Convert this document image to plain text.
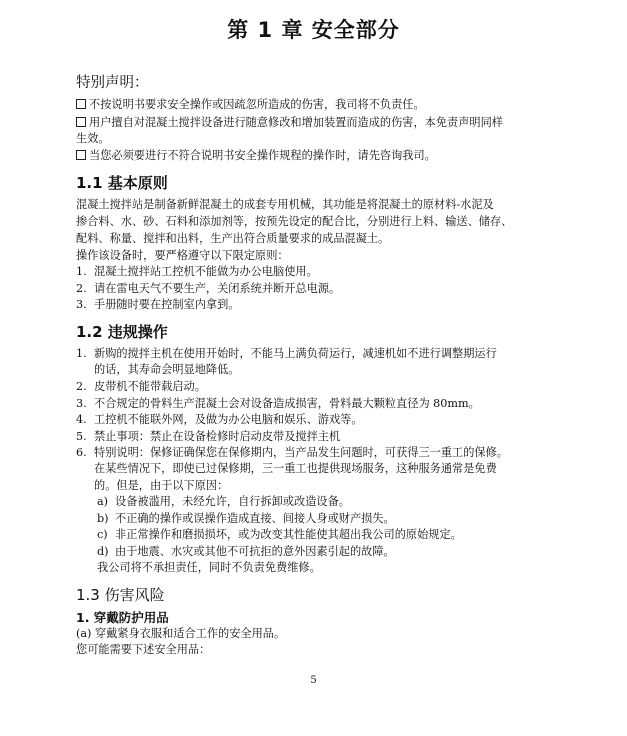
第 1 章 安全部分
特别声明：
不按说明书要求安全操作或因疏忽所造成的伤害，我司将不负责任。
用户擅自对混凝土搅拌设备进行随意修改和增加装置而造成的伤害，本免责声明同样
生效。
当您必须要进行不符合说明书安全操作规程的操作时，请先咨询我司。
1.1 基本原则
混凝土搅拌站是制备新鲜混凝土的成套专用机械，其功能是将混凝土的原材料-水泥及
掺合料、水、砂、石料和添加剂等，按预先设定的配合比，分别进行上料、输送、储存、
配料、称量、搅拌和出料，生产出符合质量要求的成品混凝土。
操作该设备时，要严格遵守以下限定原则：
1. 混凝土搅拌站工控机不能做为办公电脑使用。
2. 请在雷电天气不要生产，关闭系统并断开总电源。
3. 手册随时要在控制室内拿到。
1.2 违规操作
1. 新购的搅拌主机在使用开始时，不能马上满负荷运行，减速机如不进行调整期运行
的话，其寿命会明显地降低。
2. 皮带机不能带载启动。
3. 不合规定的骨料生产混凝土会对设备造成损害，骨料最大颗粒直径为 80mm。
4. 工控机不能联外网，及做为办公电脑和娱乐、游戏等。
5. 禁止事项：禁止在设备检修时启动皮带及搅拌主机
6. 特别说明：保修证确保您在保修期内，当产品发生问题时，可获得三一重工的保修。
在某些情况下，即使已过保修期，三一重工也提供现场服务，这种服务通常是免费
的。但是，由于以下原因：
a) 设备被滥用，未经允许，自行拆卸或改造设备。
b) 不正确的操作或误操作造成直接、间接人身或财产损失。
c) 非正常操作和磨损损坏，或为改变其性能使其超出我公司的原始规定。
d) 由于地震、水灾或其他不可抗拒的意外因素引起的故障。
我公司将不承担责任，同时不负责免费维修。
1.3 伤害风险
1. 穿戴防护用品
(a) 穿戴紧身衣服和适合工作的安全用品。
您可能需要下述安全用品：
5
